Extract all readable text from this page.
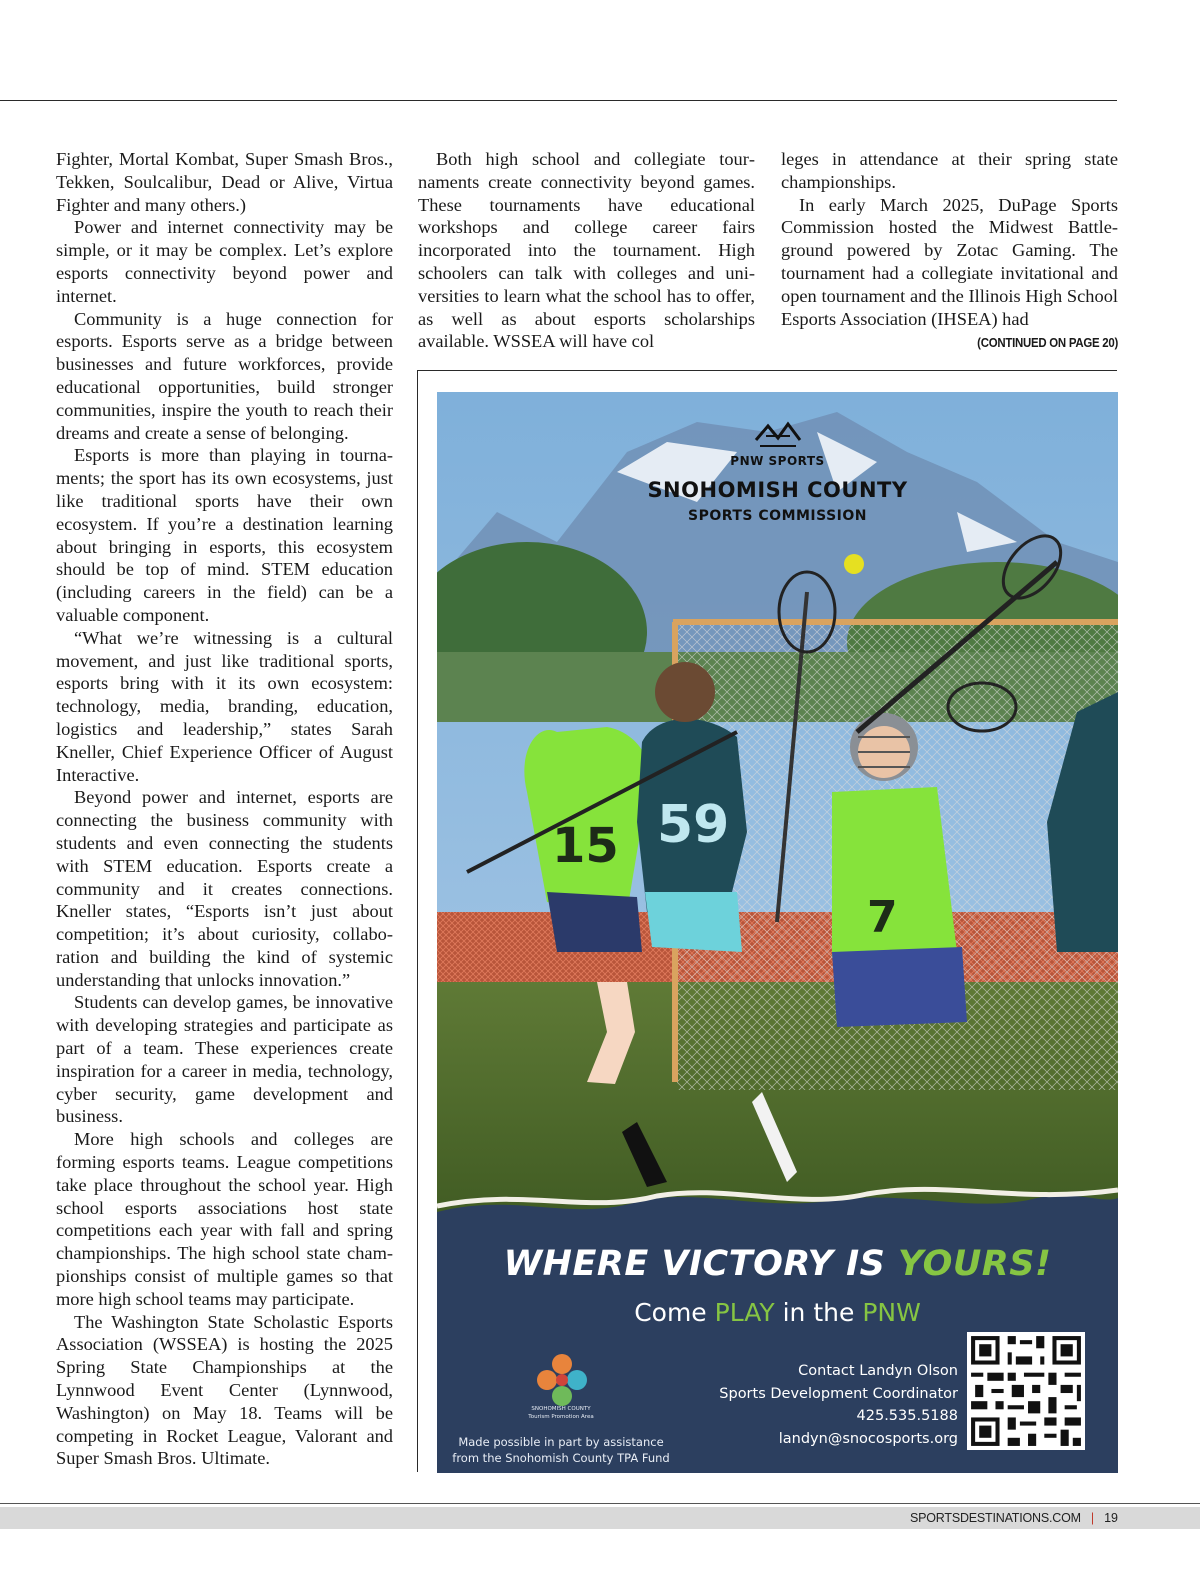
Fighter, Mortal Kombat, Super Smash Bros., Tekken, Soulcalibur, Dead or Alive, Virtua Fighter and many others.)

Power and internet connectivity may be simple, or it may be complex. Let’s explore esports connectivity beyond power and internet.

Community is a huge connection for esports. Esports serve as a bridge between businesses and future workforces, provide educational opportunities, build stronger communities, inspire the youth to reach their dreams and create a sense of belonging.

Esports is more than playing in tournaments; the sport has its own ecosystems, just like traditional sports have their own ecosystem. If you’re a destination learning about bringing in esports, this ecosystem should be top of mind. STEM education (including careers in the field) can be a valuable component.

“What we’re witnessing is a cultural movement, and just like traditional sports, esports bring with it its own ecosystem: technology, media, branding, education, logistics and leadership,” states Sarah Kneller, Chief Experience Officer of August Interactive.

Beyond power and internet, esports are connecting the business community with students and even connecting the students with STEM education. Esports create a community and it creates connections. Kneller states, “Esports isn’t just about competition; it’s about curiosity, collaboration and building the kind of systemic understanding that unlocks innovation.”

Students can develop games, be innovative with developing strategies and participate as part of a team. These experiences create inspiration for a career in media, technology, cyber security, game development and business.

More high schools and colleges are forming esports teams. League competitions take place throughout the school year. High school esports associations host state competitions each year with fall and spring championships. The high school state championships consist of multiple games so that more high school teams may participate.

The Washington State Scholastic Esports Association (WSSEA) is hosting the 2025 Spring State Championships at the Lynnwood Event Center (Lynnwood, Washington) on May 18. Teams will be competing in Rocket League, Valorant and Super Smash Bros. Ultimate.

Both high school and collegiate tournaments create connectivity beyond games. These tournaments have educational workshops and college career fairs incorporated into the tournament. High schoolers can talk with colleges and universities to learn what the school has to offer, as well as about esports scholarships available. WSSEA will have col

leges in attendance at their spring state championships.

In early March 2025, DuPage Sports Commission hosted the Midwest Battleground powered by Zotac Gaming. The tournament had a collegiate invitational and open tournament and the Illinois High School Esports Association (IHSEA) had

(CONTINUED ON PAGE 20)
15 59
7
PNW SPORTS
SNOHOMISH COUNTY
SPORTS COMMISSION
WHERE VICTORY IS YOURS!
Come PLAY in the PNW
SNOHOMISH COUNTY
Tourism Promotion Area
Made possible in part by assistance
from the Snohomish County TPA Fund
Contact Landyn Olson
Sports Development Coordinator
425.535.5188
landyn@snocosports.org
SPORTSDESTINATIONS.COM | 19
